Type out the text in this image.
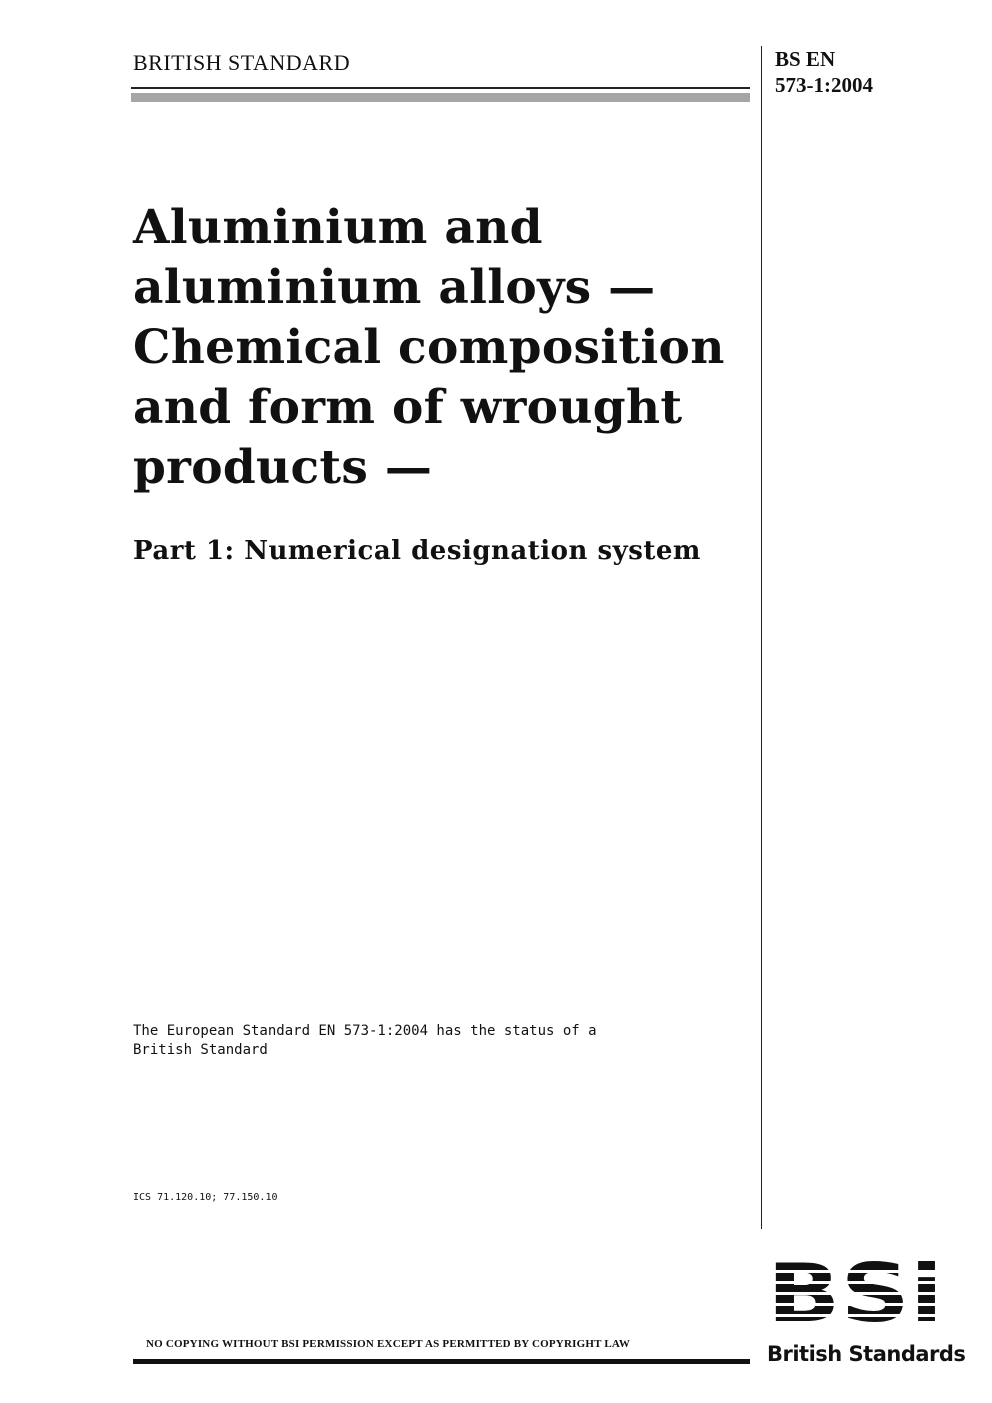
BRITISH STANDARD	BS EN
573-1:2004
Aluminium and
aluminium alloys —
Chemical composition
and form of wrought
products —
Part 1: Numerical designation system
The European Standard EN 573-1:2004 has the status of a
British Standard
ICS 71.120.10; 77.150.10
NO COPYING WITHOUT BSI PERMISSION EXCEPT AS PERMITTED BY COPYRIGHT LAW	British Standards
